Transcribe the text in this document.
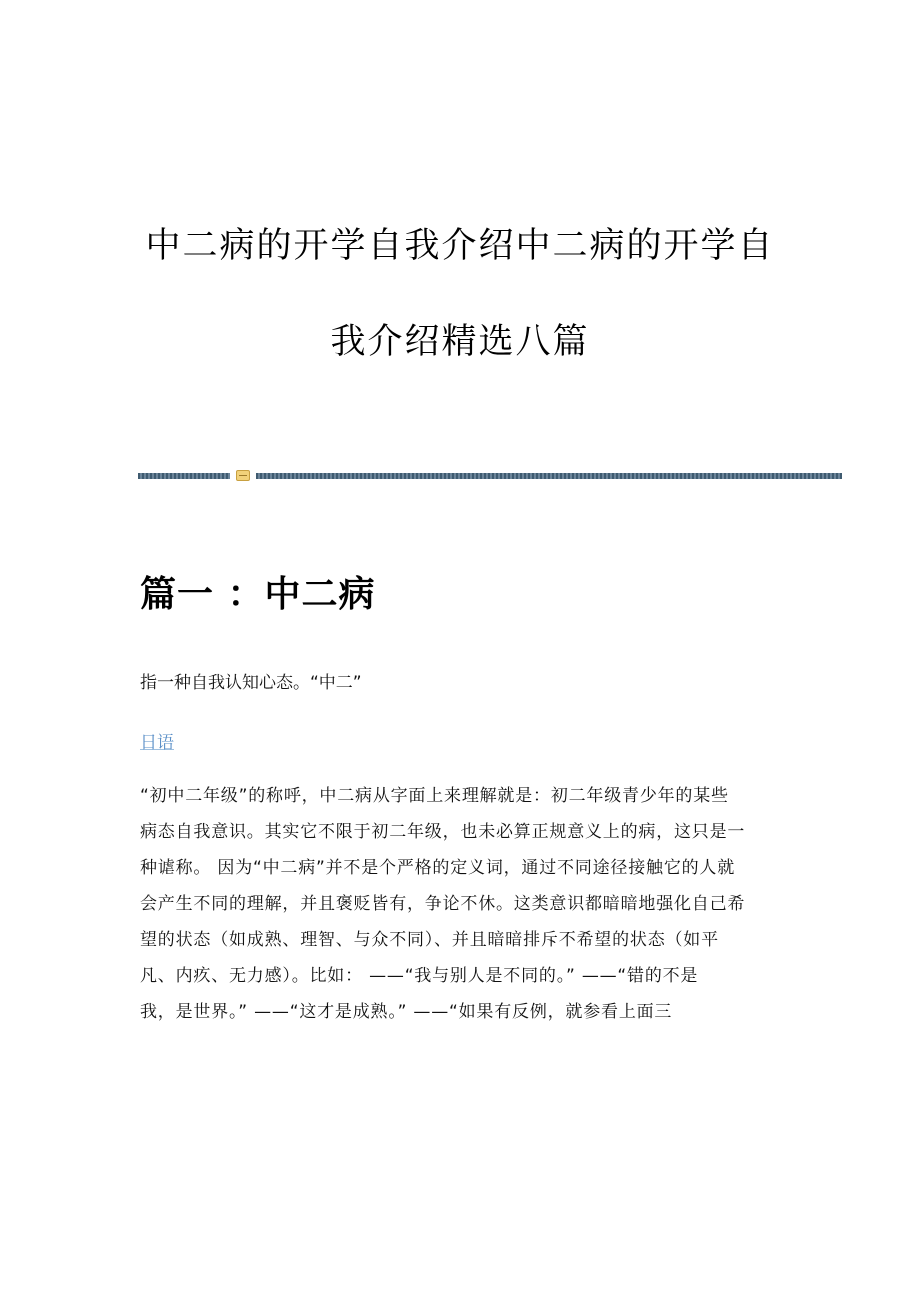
中二病的开学自我介绍中二病的开学自
我介绍精选八篇
篇一 ：中二病
指一种自我认知心态。“中二”
日语
“初中二年级”的称呼，中二病从字面上来理解就是：初二年级青少年的某些
病态自我意识。其实它不限于初二年级，也未必算正规意义上的病，这只是一
种谑称。 因为“中二病”并不是个严格的定义词，通过不同途径接触它的人就
会产生不同的理解，并且褒贬皆有，争论不休。这类意识都暗暗地强化自己希
望的状态（如成熟、理智、与众不同）、并且暗暗排斥不希望的状态（如平
凡、内疚、无力感）。比如： ——“我与别人是不同的。” ——“错的不是
我，是世界。” ——“这才是成熟。” ——“如果有反例，就参看上面三
